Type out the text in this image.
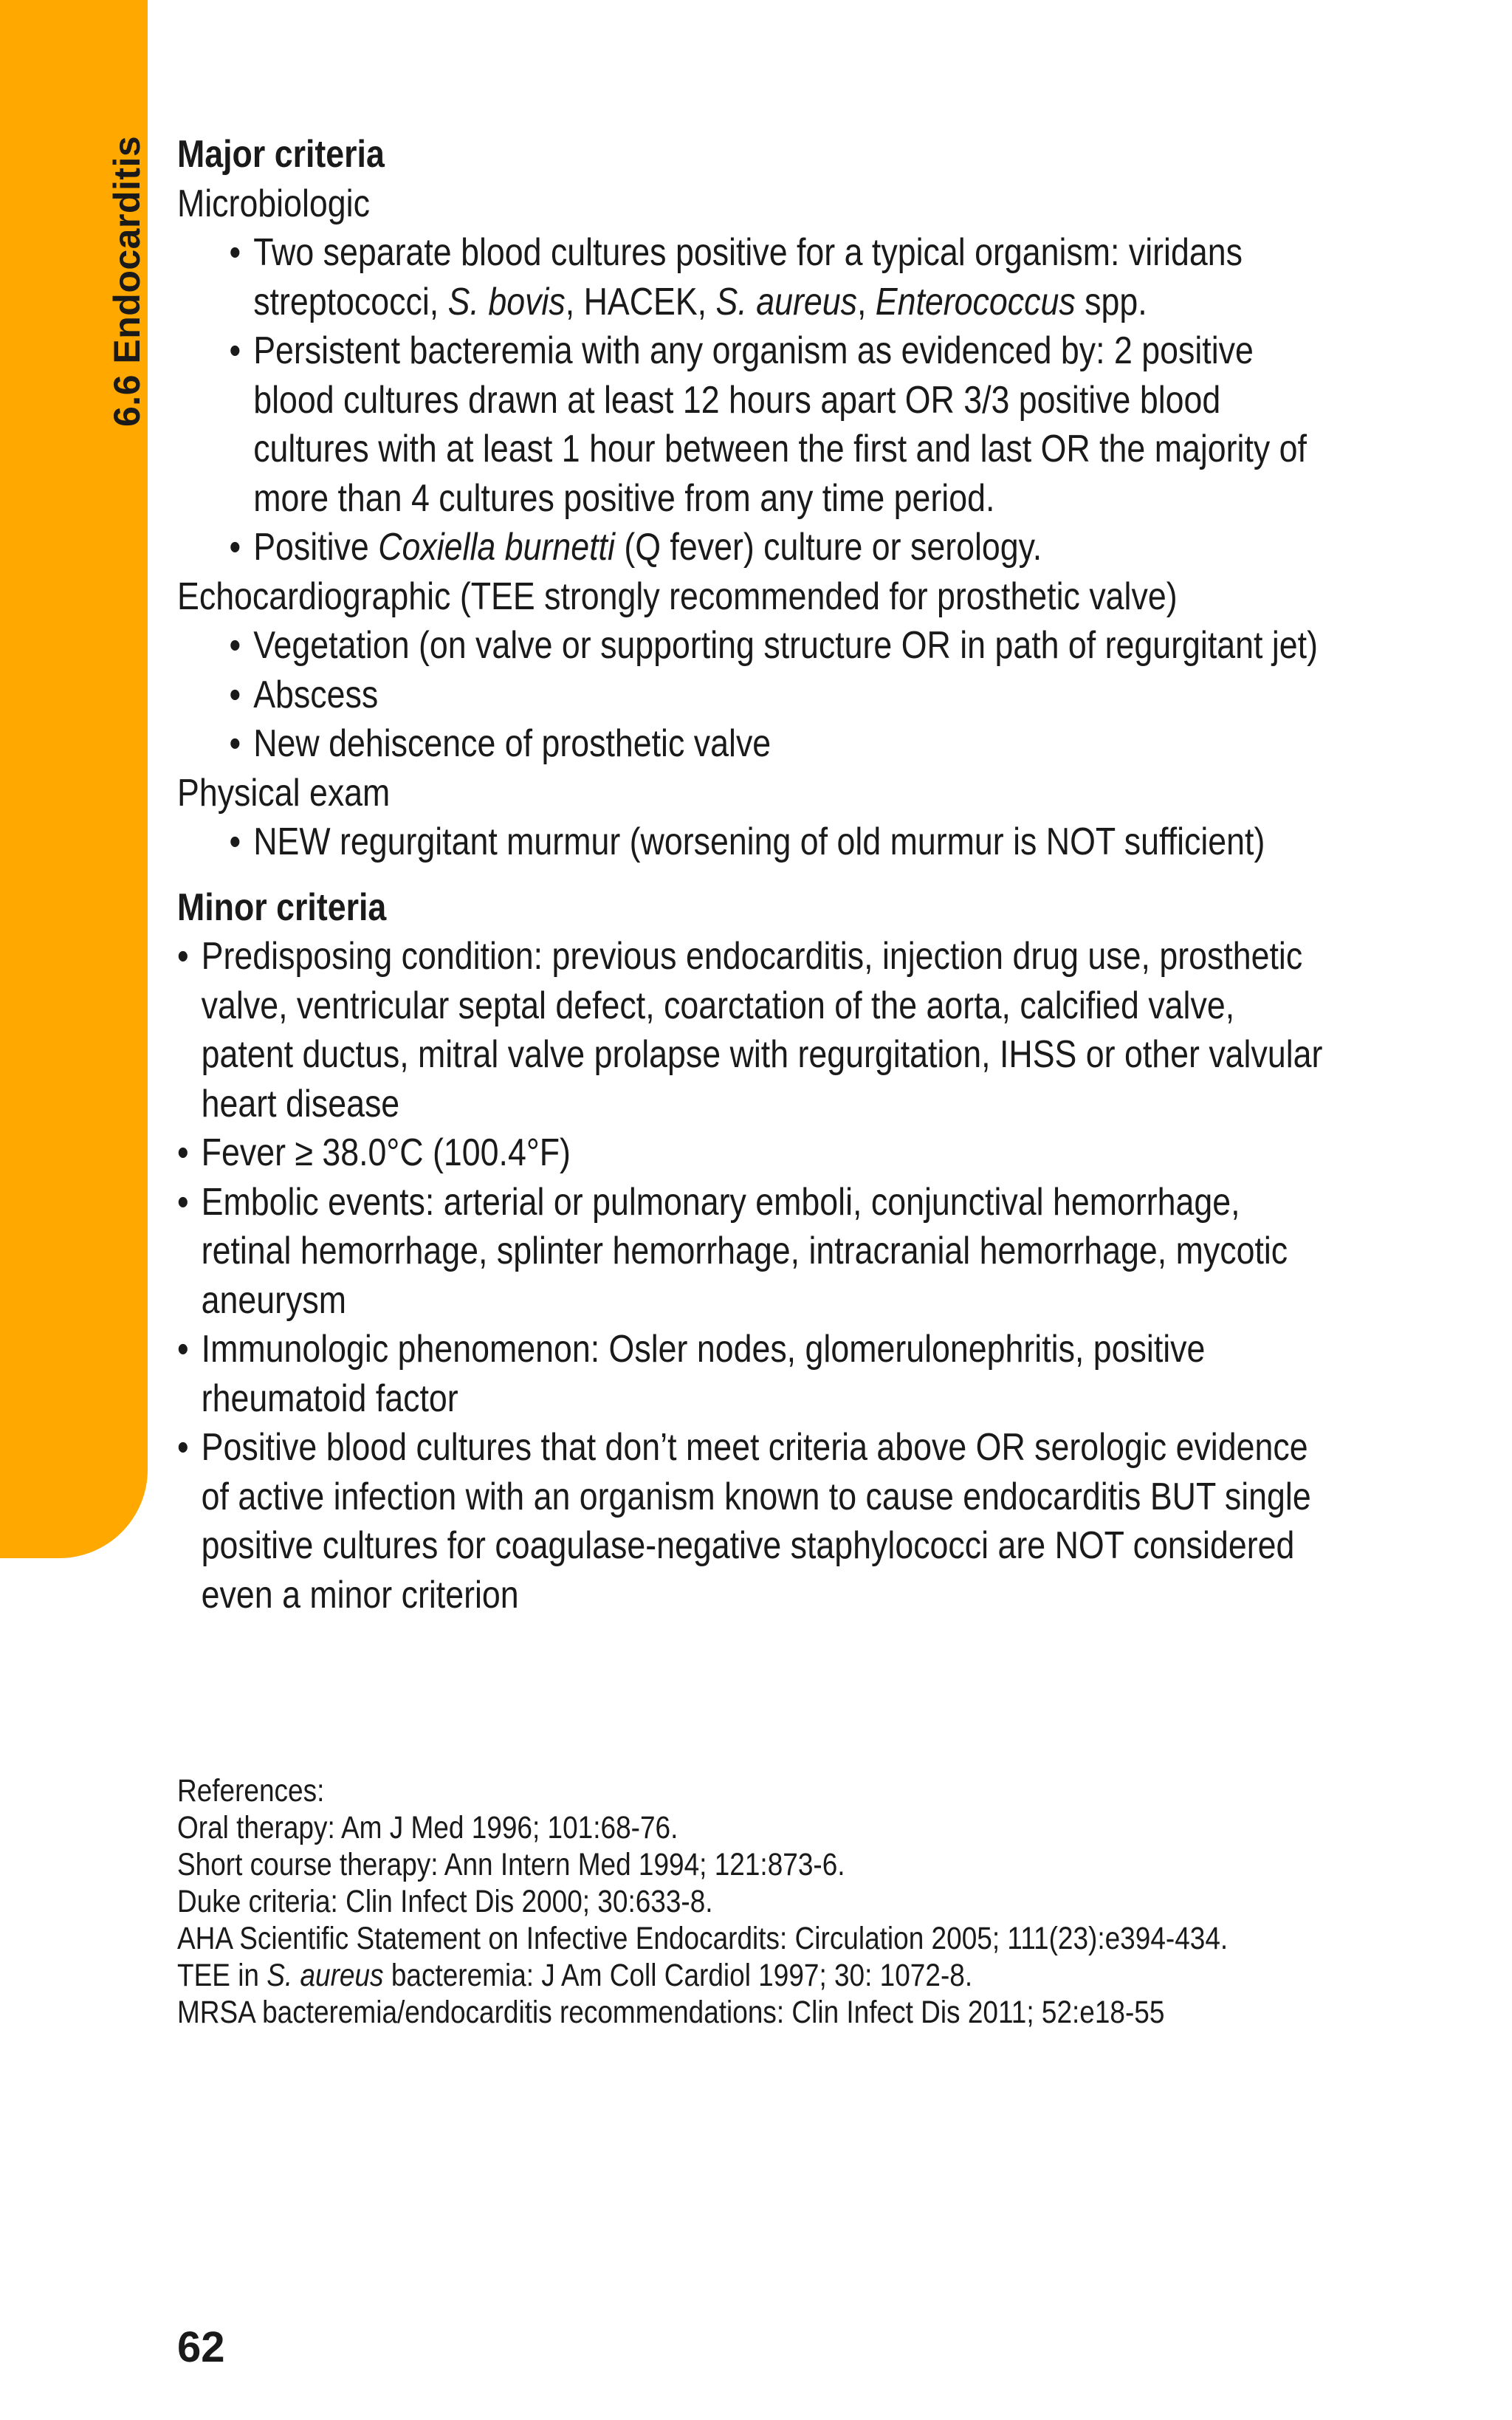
6.6 Endocarditis Major criteria
Microbiologic
• Two separate blood cultures positive for a typical organism: viridans streptococci, S. bovis, HACEK, S. aureus, Enterococcus spp.
• Persistent bacteremia with any organism as evidenced by: 2 positive blood cultures drawn at least 12 hours apart OR 3/3 positive blood cultures with at least 1 hour between the first and last OR the majority of more than 4 cultures positive from any time period.
• Positive Coxiella burnetti (Q fever) culture or serology.
Echocardiographic (TEE strongly recommended for prosthetic valve)
• Vegetation (on valve or supporting structure OR in path of regurgitant jet)
• Abscess
• New dehiscence of prosthetic valve
Physical exam
• NEW regurgitant murmur (worsening of old murmur is NOT sufficient)
Minor criteria
• Predisposing condition: previous endocarditis, injection drug use, prosthetic valve, ventricular septal defect, coarctation of the aorta, calcified valve, patent ductus, mitral valve prolapse with regurgitation, IHSS or other valvular heart disease
• Fever ≥ 38.0°C (100.4°F)
• Embolic events: arterial or pulmonary emboli, conjunctival hemorrhage, retinal hemorrhage, splinter hemorrhage, intracranial hemorrhage, mycotic aneurysm
• Immunologic phenomenon: Osler nodes, glomerulonephritis, positive rheumatoid factor
• Positive blood cultures that don’t meet criteria above OR serologic evidence of active infection with an organism known to cause endocarditis BUT single positive cultures for coagulase-negative staphylococci are NOT considered even a minor criterion
References:
Oral therapy: Am J Med 1996; 101:68-76.
Short course therapy: Ann Intern Med 1994; 121:873-6.
Duke criteria: Clin Infect Dis 2000; 30:633-8.
AHA Scientific Statement on Infective Endocardits: Circulation 2005; 111(23):e394-434.
TEE in S. aureus bacteremia: J Am Coll Cardiol 1997; 30: 1072-8.
MRSA bacteremia/endocarditis recommendations: Clin Infect Dis 2011; 52:e18-55
62
